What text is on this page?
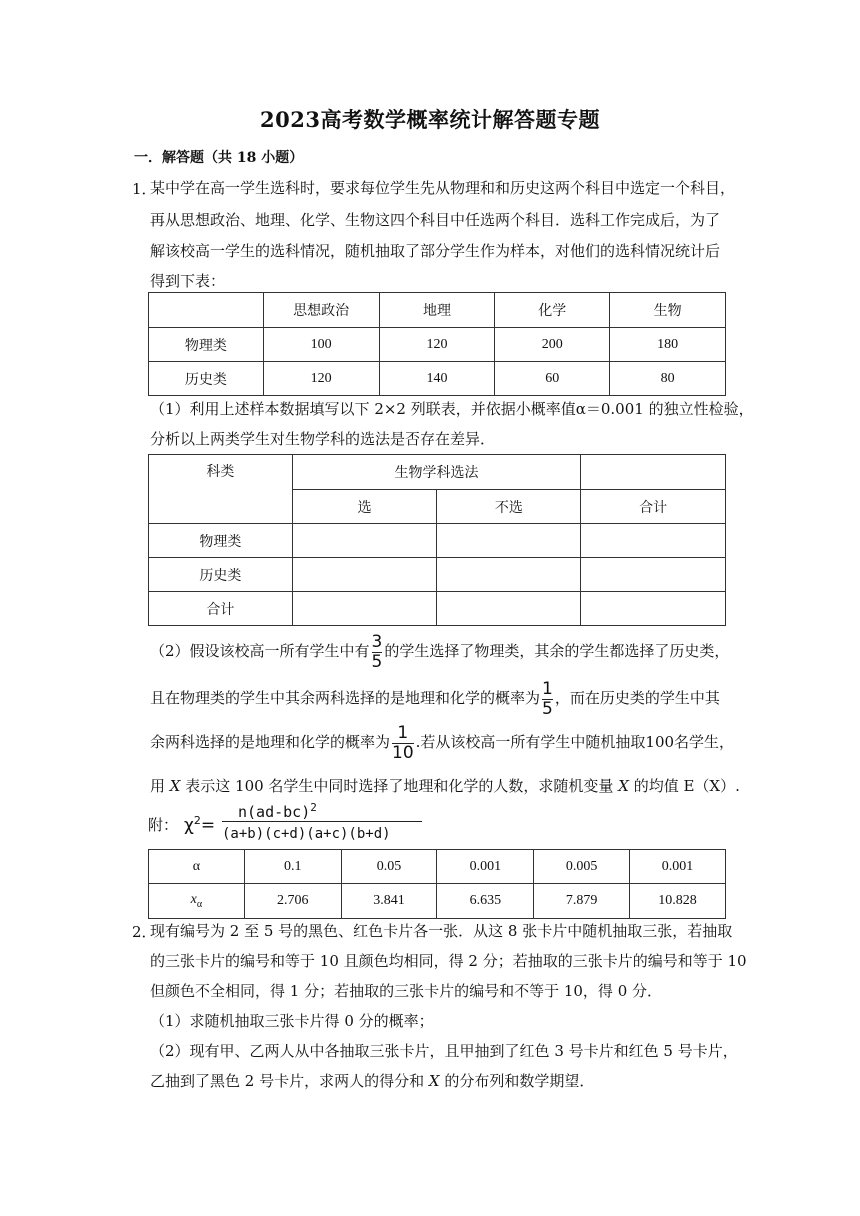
2023高考数学概率统计解答题专题
一．解答题（共 18 小题）
1．
某中学在高一学生选科时，要求每位学生先从物理和和历史这两个科目中选定一个科目，
再从思想政治、地理、化学、生物这四个科目中任选两个科目．选科工作完成后，为了
解该校高一学生的选科情况，随机抽取了部分学生作为样本，对他们的选科情况统计后
得到下表：
	思想政治	地理	化学	生物
物理类	100	120	200	180
历史类	120	140	60	80
（1）利用上述样本数据填写以下 2×2 列联表，并依据小概率值α＝0.001 的独立性检验，
分析以上两类学生对生物学科的选法是否存在差异．
科类	生物学科选法		
	选	不选	合计
物理类			
历史类			
合计			
（2）假设该校高一所有学生中有 $\frac{3}{5}$ 的学生选择了物理类，其余的学生都选择了历史类，
且在物理类的学生中其余两科选择的是地理和化学的概率为 $\frac{1}{5}$ ，而在历史类的学生中其
余两科选择的是地理和化学的概率为 $\frac{1}{10}$ .若从该校高一所有学生中随机抽取100名学生，
用 X 表示这 100 名学生中同时选择了地理和化学的人数，求随机变量 X 的均值 E（X）.
附： $\chi^2=$
$n(ad-bc)^2$
(a+b)(c+d)(a+c)(b+d)
α	0.1	0.05	0.001	0.005	0.001
$x_\alpha$	2.706	3.841	6.635	7.879	10.828
2．
现有编号为 2 至 5 号的黑色、红色卡片各一张．从这 8 张卡片中随机抽取三张，若抽取
的三张卡片的编号和等于 10 且颜色均相同，得 2 分；若抽取的三张卡片的编号和等于 10
但颜色不全相同，得 1 分；若抽取的三张卡片的编号和不等于 10，得 0 分．
（1）求随机抽取三张卡片得 0 分的概率；
（2）现有甲、乙两人从中各抽取三张卡片，且甲抽到了红色 3 号卡片和红色 5 号卡片，
乙抽到了黑色 2 号卡片，求两人的得分和 X 的分布列和数学期望．
